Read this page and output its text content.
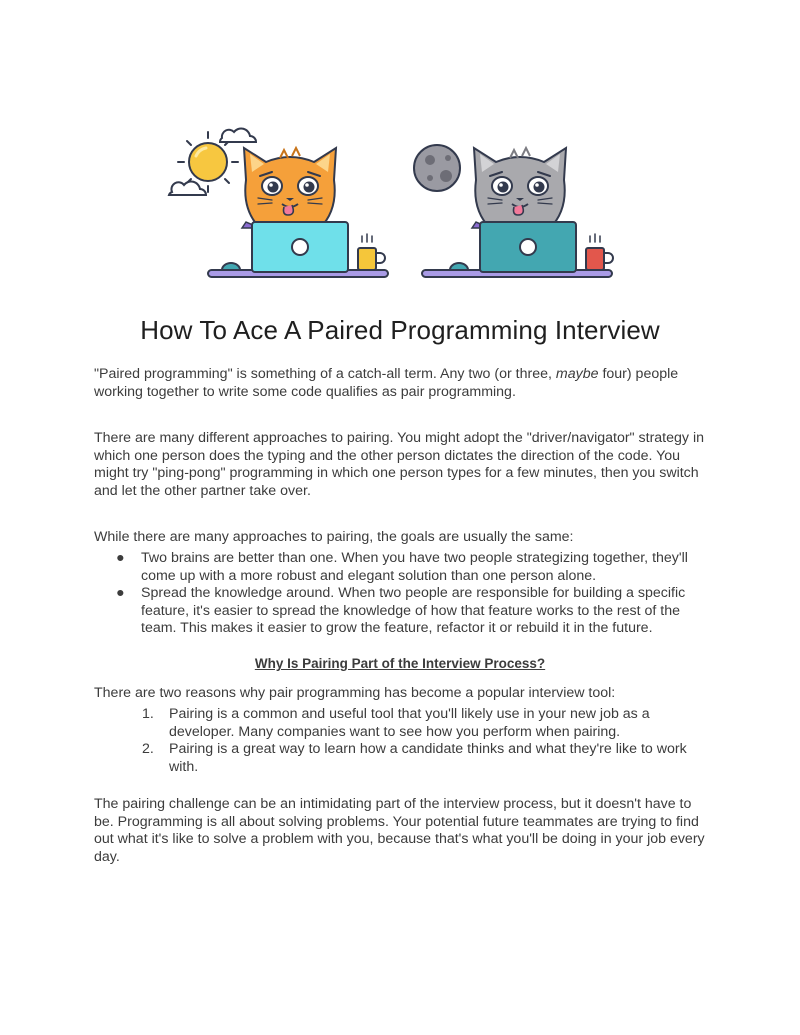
How To Ace A Paired Programming Interview

"Paired programming" is something of a catch-all term. Any two (or three, maybe four) people working together to write some code qualifies as pair programming.

There are many different approaches to pairing. You might adopt the "driver/navigator" strategy in which one person does the typing and the other person dictates the direction of the code. You might try "ping-pong" programming in which one person types for a few minutes, then you switch and let the other partner take over.

While there are many approaches to pairing, the goals are usually the same:

● Two brains are better than one. When you have two people strategizing together, they'll come up with a more robust and elegant solution than one person alone.
● Spread the knowledge around. When two people are responsible for building a specific feature, it's easier to spread the knowledge of how that feature works to the rest of the team. This makes it easier to grow the feature, refactor it or rebuild it in the future.
Why Is Pairing Part of the Interview Process?

There are two reasons why pair programming has become a popular interview tool:

1. Pairing is a common and useful tool that you'll likely use in your new job as a developer. Many companies want to see how you perform when pairing.
2. Pairing is a great way to learn how a candidate thinks and what they're like to work with.

The pairing challenge can be an intimidating part of the interview process, but it doesn't have to be. Programming is all about solving problems. Your potential future teammates are trying to find out what it's like to solve a problem with you, because that's what you'll be doing in your job every day.
